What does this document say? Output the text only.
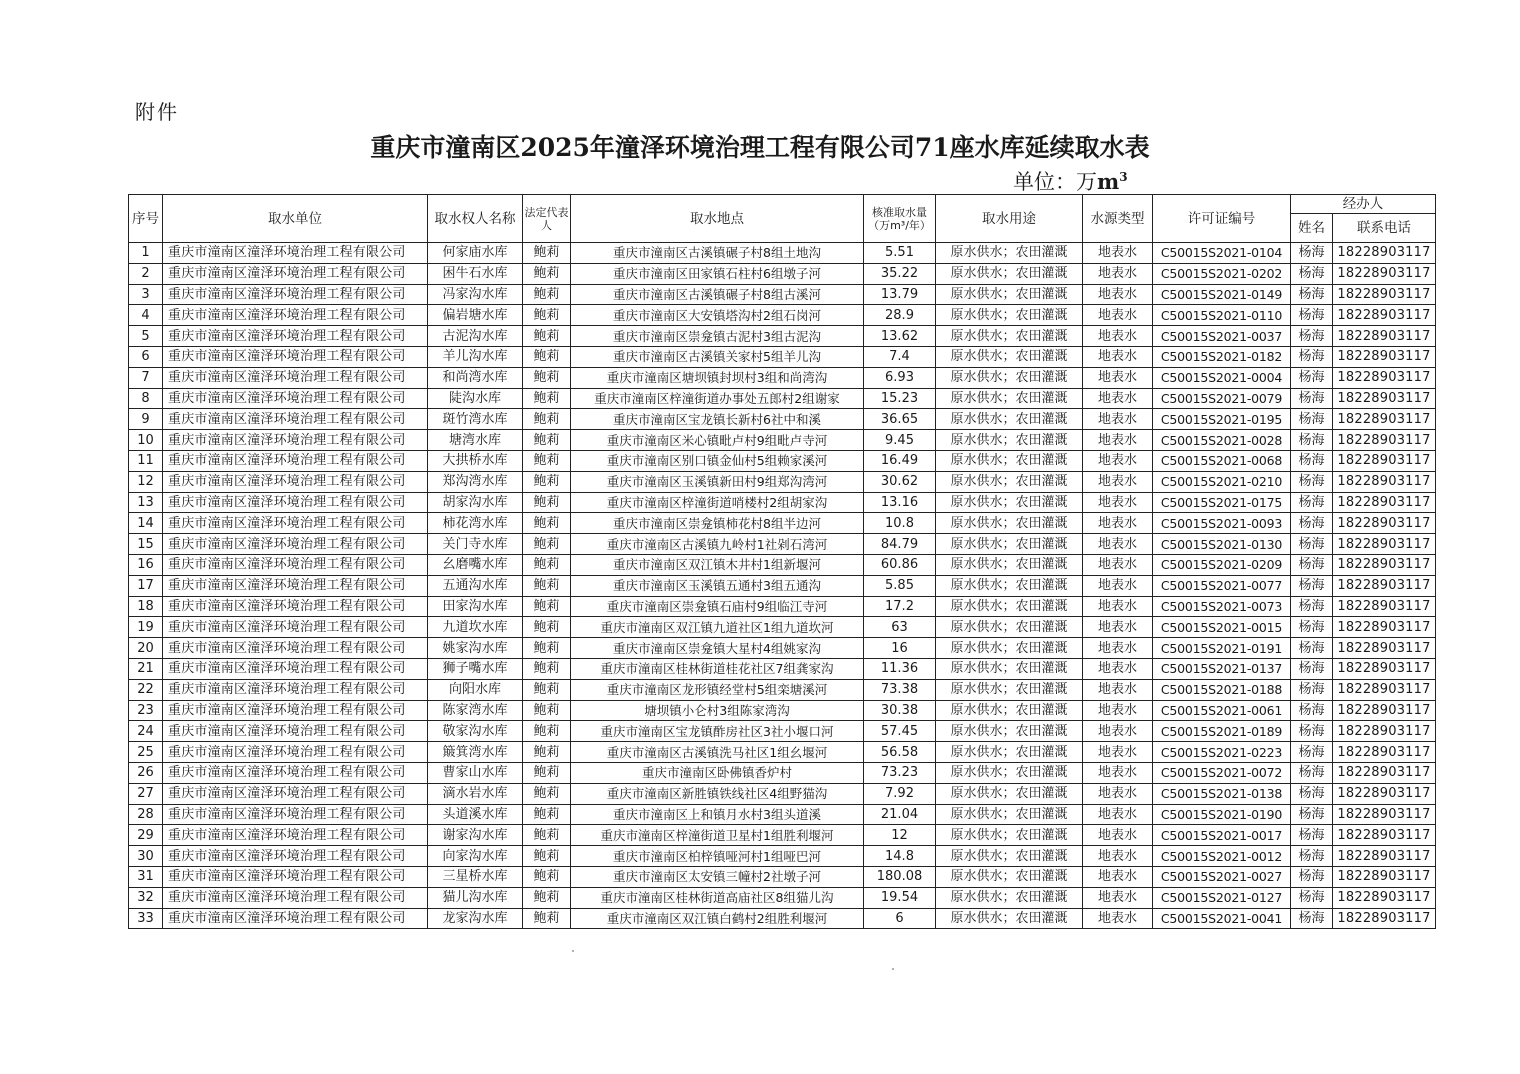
附件
重庆市潼南区2025年潼泽环境治理工程有限公司71座水库延续取水表
单位：万$m^3$
序号	取水单位	取水权人名称	法定代表人	取水地点	核准取水量（万m³/年）	取水用途	水源类型	许可证编号	经办人	
									姓名	联系电话
1	重庆市潼南区潼泽环境治理工程有限公司	何家庙水库	鲍莉	重庆市潼南区古溪镇碾子村8组土地沟	5.51	原水供水；农田灌溉	地表水	C50015S2021-0104	杨海	18228903117
2	重庆市潼南区潼泽环境治理工程有限公司	困牛石水库	鲍莉	重庆市潼南区田家镇石柱村6组墩子河	35.22	原水供水；农田灌溉	地表水	C50015S2021-0202	杨海	18228903117
3	重庆市潼南区潼泽环境治理工程有限公司	冯家沟水库	鲍莉	重庆市潼南区古溪镇碾子村8组古溪河	13.79	原水供水；农田灌溉	地表水	C50015S2021-0149	杨海	18228903117
4	重庆市潼南区潼泽环境治理工程有限公司	偏岩塘水库	鲍莉	重庆市潼南区大安镇塔沟村2组石岗河	28.9	原水供水；农田灌溉	地表水	C50015S2021-0110	杨海	18228903117
5	重庆市潼南区潼泽环境治理工程有限公司	古泥沟水库	鲍莉	重庆市潼南区崇龛镇古泥村3组古泥沟	13.62	原水供水；农田灌溉	地表水	C50015S2021-0037	杨海	18228903117
6	重庆市潼南区潼泽环境治理工程有限公司	羊儿沟水库	鲍莉	重庆市潼南区古溪镇关家村5组羊儿沟	7.4	原水供水；农田灌溉	地表水	C50015S2021-0182	杨海	18228903117
7	重庆市潼南区潼泽环境治理工程有限公司	和尚湾水库	鲍莉	重庆市潼南区塘坝镇封坝村3组和尚湾沟	6.93	原水供水；农田灌溉	地表水	C50015S2021-0004	杨海	18228903117
8	重庆市潼南区潼泽环境治理工程有限公司	陡沟水库	鲍莉	重庆市潼南区梓潼街道办事处五郎村2组谢家	15.23	原水供水；农田灌溉	地表水	C50015S2021-0079	杨海	18228903117
9	重庆市潼南区潼泽环境治理工程有限公司	斑竹湾水库	鲍莉	重庆市潼南区宝龙镇长新村6社中和溪	36.65	原水供水；农田灌溉	地表水	C50015S2021-0195	杨海	18228903117
10	重庆市潼南区潼泽环境治理工程有限公司	塘湾水库	鲍莉	重庆市潼南区米心镇毗卢村9组毗卢寺河	9.45	原水供水；农田灌溉	地表水	C50015S2021-0028	杨海	18228903117
11	重庆市潼南区潼泽环境治理工程有限公司	大拱桥水库	鲍莉	重庆市潼南区别口镇金仙村5组赖家溪河	16.49	原水供水；农田灌溉	地表水	C50015S2021-0068	杨海	18228903117
12	重庆市潼南区潼泽环境治理工程有限公司	郑沟湾水库	鲍莉	重庆市潼南区玉溪镇新田村9组郑沟湾河	30.62	原水供水；农田灌溉	地表水	C50015S2021-0210	杨海	18228903117
13	重庆市潼南区潼泽环境治理工程有限公司	胡家沟水库	鲍莉	重庆市潼南区梓潼街道哨楼村2组胡家沟	13.16	原水供水；农田灌溉	地表水	C50015S2021-0175	杨海	18228903117
14	重庆市潼南区潼泽环境治理工程有限公司	柿花湾水库	鲍莉	重庆市潼南区崇龛镇柿花村8组半边河	10.8	原水供水；农田灌溉	地表水	C50015S2021-0093	杨海	18228903117
15	重庆市潼南区潼泽环境治理工程有限公司	关门寺水库	鲍莉	重庆市潼南区古溪镇九岭村1社剁石湾河	84.79	原水供水；农田灌溉	地表水	C50015S2021-0130	杨海	18228903117
16	重庆市潼南区潼泽环境治理工程有限公司	幺磨嘴水库	鲍莉	重庆市潼南区双江镇木井村1组新堰河	60.86	原水供水；农田灌溉	地表水	C50015S2021-0209	杨海	18228903117
17	重庆市潼南区潼泽环境治理工程有限公司	五通沟水库	鲍莉	重庆市潼南区玉溪镇五通村3组五通沟	5.85	原水供水；农田灌溉	地表水	C50015S2021-0077	杨海	18228903117
18	重庆市潼南区潼泽环境治理工程有限公司	田家沟水库	鲍莉	重庆市潼南区崇龛镇石庙村9组临江寺河	17.2	原水供水；农田灌溉	地表水	C50015S2021-0073	杨海	18228903117
19	重庆市潼南区潼泽环境治理工程有限公司	九道坎水库	鲍莉	重庆市潼南区双江镇九道社区1组九道坎河	63	原水供水；农田灌溉	地表水	C50015S2021-0015	杨海	18228903117
20	重庆市潼南区潼泽环境治理工程有限公司	姚家沟水库	鲍莉	重庆市潼南区崇龛镇大星村4组姚家沟	16	原水供水；农田灌溉	地表水	C50015S2021-0191	杨海	18228903117
21	重庆市潼南区潼泽环境治理工程有限公司	狮子嘴水库	鲍莉	重庆市潼南区桂林街道桂花社区7组龚家沟	11.36	原水供水；农田灌溉	地表水	C50015S2021-0137	杨海	18228903117
22	重庆市潼南区潼泽环境治理工程有限公司	向阳水库	鲍莉	重庆市潼南区龙形镇经堂村5组栾塘溪河	73.38	原水供水；农田灌溉	地表水	C50015S2021-0188	杨海	18228903117
23	重庆市潼南区潼泽环境治理工程有限公司	陈家湾水库	鲍莉	塘坝镇小仑村3组陈家湾沟	30.38	原水供水；农田灌溉	地表水	C50015S2021-0061	杨海	18228903117
24	重庆市潼南区潼泽环境治理工程有限公司	敬家沟水库	鲍莉	重庆市潼南区宝龙镇酢房社区3社小堰口河	57.45	原水供水；农田灌溉	地表水	C50015S2021-0189	杨海	18228903117
25	重庆市潼南区潼泽环境治理工程有限公司	簸箕湾水库	鲍莉	重庆市潼南区古溪镇洗马社区1组幺堰河	56.58	原水供水；农田灌溉	地表水	C50015S2021-0223	杨海	18228903117
26	重庆市潼南区潼泽环境治理工程有限公司	曹家山水库	鲍莉	重庆市潼南区卧佛镇香炉村	73.23	原水供水；农田灌溉	地表水	C50015S2021-0072	杨海	18228903117
27	重庆市潼南区潼泽环境治理工程有限公司	滴水岩水库	鲍莉	重庆市潼南区新胜镇铁线社区4组野猫沟	7.92	原水供水；农田灌溉	地表水	C50015S2021-0138	杨海	18228903117
28	重庆市潼南区潼泽环境治理工程有限公司	头道溪水库	鲍莉	重庆市潼南区上和镇月水村3组头道溪	21.04	原水供水；农田灌溉	地表水	C50015S2021-0190	杨海	18228903117
29	重庆市潼南区潼泽环境治理工程有限公司	谢家沟水库	鲍莉	重庆市潼南区梓潼街道卫星村1组胜利堰河	12	原水供水；农田灌溉	地表水	C50015S2021-0017	杨海	18228903117
30	重庆市潼南区潼泽环境治理工程有限公司	向家沟水库	鲍莉	重庆市潼南区柏梓镇哑河村1组哑巴河	14.8	原水供水；农田灌溉	地表水	C50015S2021-0012	杨海	18228903117
31	重庆市潼南区潼泽环境治理工程有限公司	三星桥水库	鲍莉	重庆市潼南区太安镇三幢村2社墩子河	180.08	原水供水；农田灌溉	地表水	C50015S2021-0027	杨海	18228903117
32	重庆市潼南区潼泽环境治理工程有限公司	猫儿沟水库	鲍莉	重庆市潼南区桂林街道高庙社区8组猫儿沟	19.54	原水供水；农田灌溉	地表水	C50015S2021-0127	杨海	18228903117
33	重庆市潼南区潼泽环境治理工程有限公司	龙家沟水库	鲍莉	重庆市潼南区双江镇白鹤村2组胜利堰河	6	原水供水；农田灌溉	地表水	C50015S2021-0041	杨海	18228903117
